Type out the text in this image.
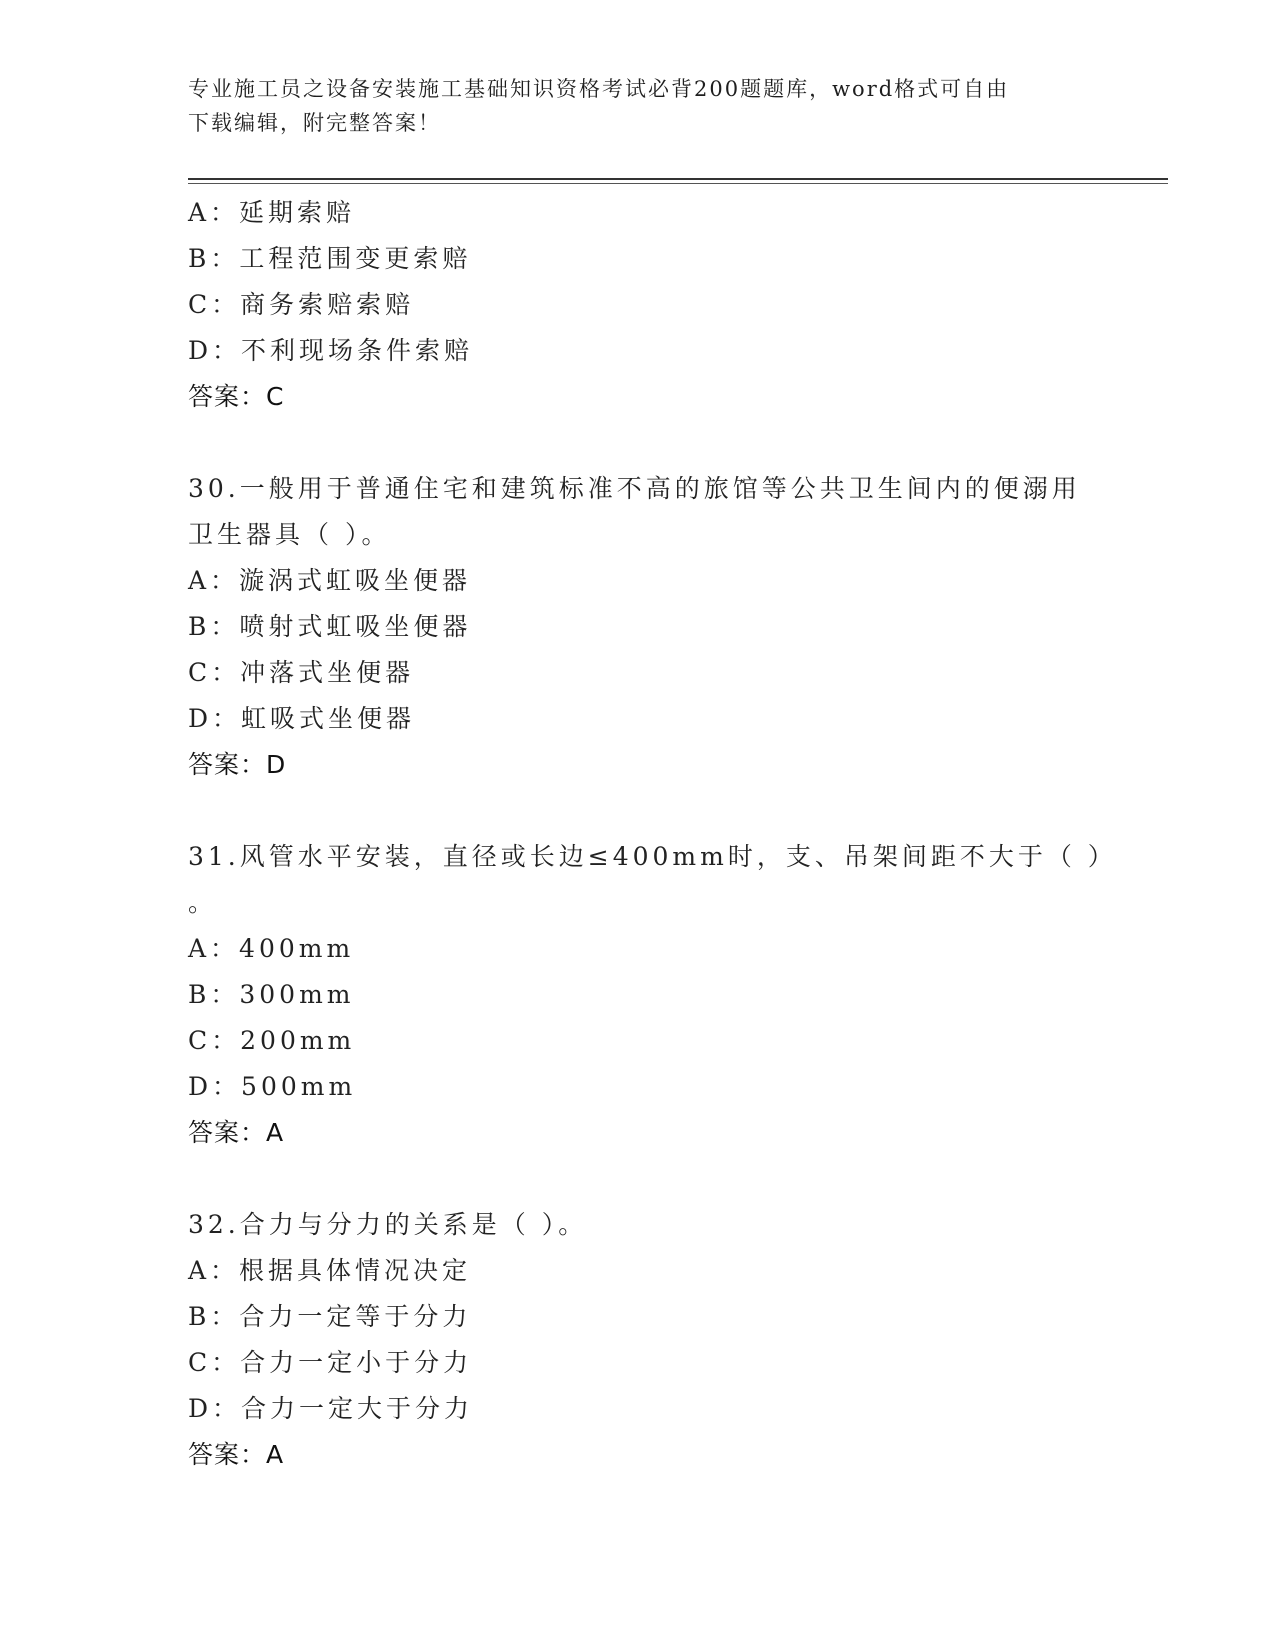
专业施工员之设备安装施工基础知识资格考试必背200题题库，word格式可自由
下载编辑，附完整答案！
A：延期索赔
B：工程范围变更索赔
C：商务索赔索赔
D：不利现场条件索赔
答案：C
30.一般用于普通住宅和建筑标准不高的旅馆等公共卫生间内的便溺用
卫生器具（ ）。
A：漩涡式虹吸坐便器
B：喷射式虹吸坐便器
C：冲落式坐便器
D：虹吸式坐便器
答案：D
31.风管水平安装，直径或长边≤400mm时，支、吊架间距不大于（ ）
。
A：400mm
B：300mm
C：200mm
D：500mm
答案：A
32.合力与分力的关系是（ ）。
A：根据具体情况决定
B：合力一定等于分力
C：合力一定小于分力
D：合力一定大于分力
答案：A
